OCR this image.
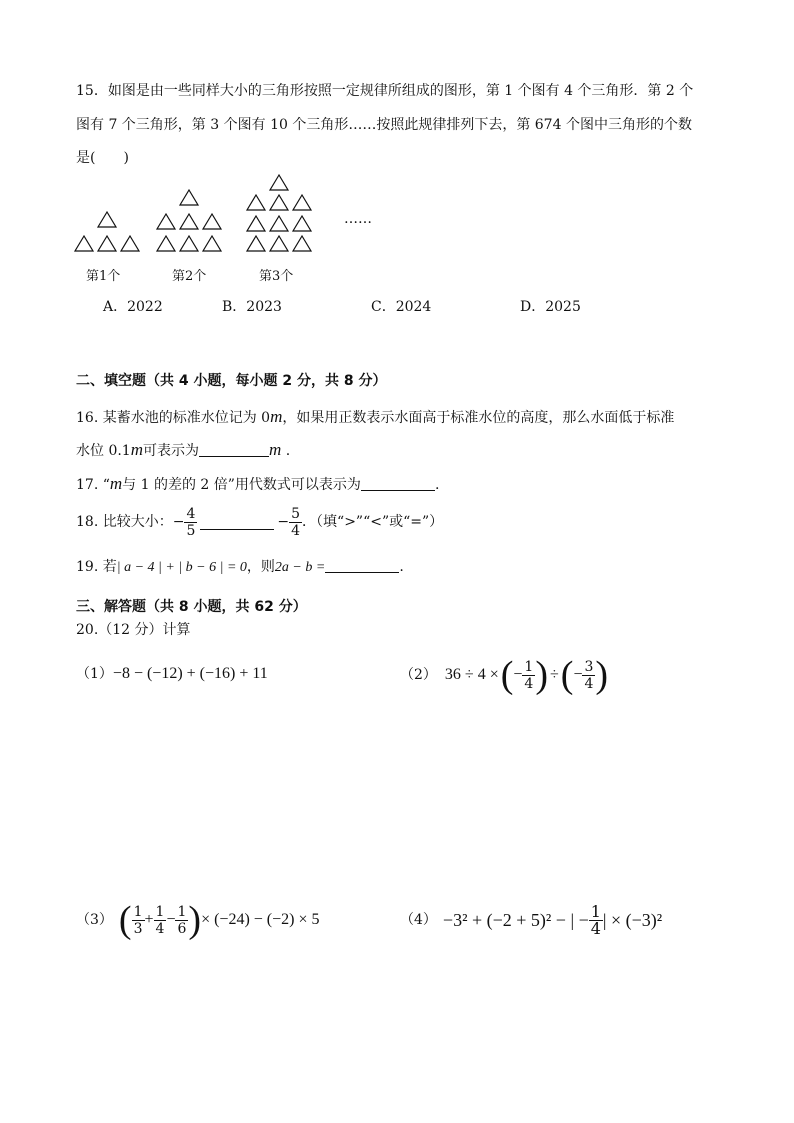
15．如图是由一些同样大小的三角形按照一定规律所组成的图形，第 1 个图有 4 个三角形．第 2 个
图有 7 个三角形，第 3 个图有 10 个三角形……按照此规律排列下去，第 674 个图中三角形的个数
是(　　)
……
第1个	第2个	第3个
A．2022	B．2023	C．2024	D．2025
二、填空题（共 4 小题，每小题 2 分，共 8 分）
16. 某蓄水池的标准水位记为 0m，如果用正数表示水面高于标准水位的高度，那么水面低于标准
水位 0.1m可表示为	m .
17. “m与 1 的差的 2 倍”用代数式可以表示为	.
18. 比较大小：− $\frac{4}{5}$	− $\frac{5}{4}$ ．（填“>”“<”或“=”）
19. 若| a − 4 | + | b − 6 | = 0，则2a − b =	.
三、解答题（共 8 小题，共 62 分）
20.（12 分）计算
（1） −8 − (−12) + (−16) + 11	（2） 36 ÷ 4 × ( − $\frac{1}{4}$ ) ÷ ( − $\frac{3}{4}$ )
（3） ( $\frac{1}{3} + \frac{1}{4} - \frac{1}{6}$ ) × (−24) − (−2) × 5	（4） −3² + (−2 + 5)² − | − $\frac{1}{4}$ | × (−3)²
